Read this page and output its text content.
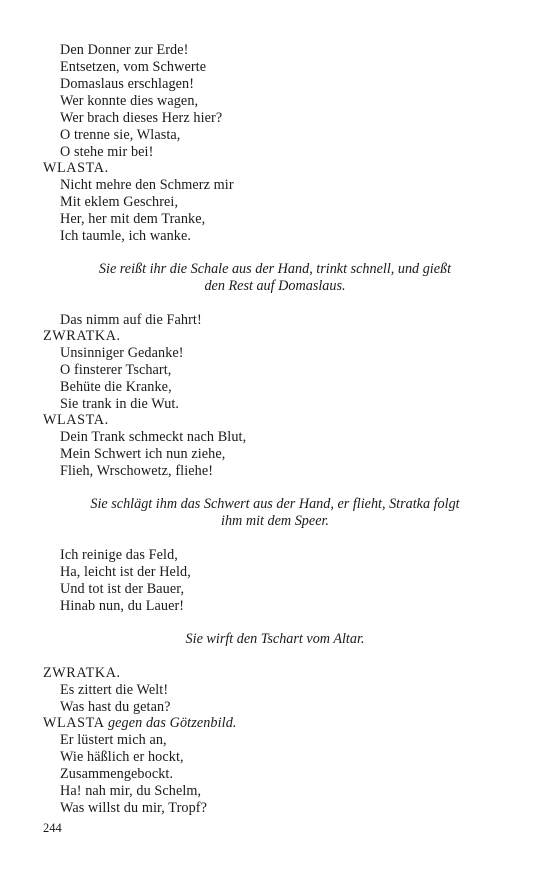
Den Donner zur Erde!
Entsetzen, vom Schwerte
Domaslaus erschlagen!
Wer konnte dies wagen,
Wer brach dieses Herz hier?
O trenne sie, Wlasta,
O stehe mir bei!
WLASTA.
Nicht mehre den Schmerz mir
Mit eklem Geschrei,
Her, her mit dem Tranke,
Ich taumle, ich wanke.
Sie reißt ihr die Schale aus der Hand, trinkt schnell, und gießt
den Rest auf Domaslaus.
Das nimm auf die Fahrt!
ZWRATKA.
Unsinniger Gedanke!
O finsterer Tschart,
Behüte die Kranke,
Sie trank in die Wut.
WLASTA.
Dein Trank schmeckt nach Blut,
Mein Schwert ich nun ziehe,
Flieh, Wrschowetz, fliehe!
Sie schlägt ihm das Schwert aus der Hand, er flieht, Stratka folgt
ihm mit dem Speer.
Ich reinige das Feld,
Ha, leicht ist der Held,
Und tot ist der Bauer,
Hinab nun, du Lauer!
Sie wirft den Tschart vom Altar.
ZWRATKA.
Es zittert die Welt!
Was hast du getan?
WLASTA gegen das Götzenbild.
Er lüstert mich an,
Wie häßlich er hockt,
Zusammengebockt.
Ha! nah mir, du Schelm,
Was willst du mir, Tropf?
244
